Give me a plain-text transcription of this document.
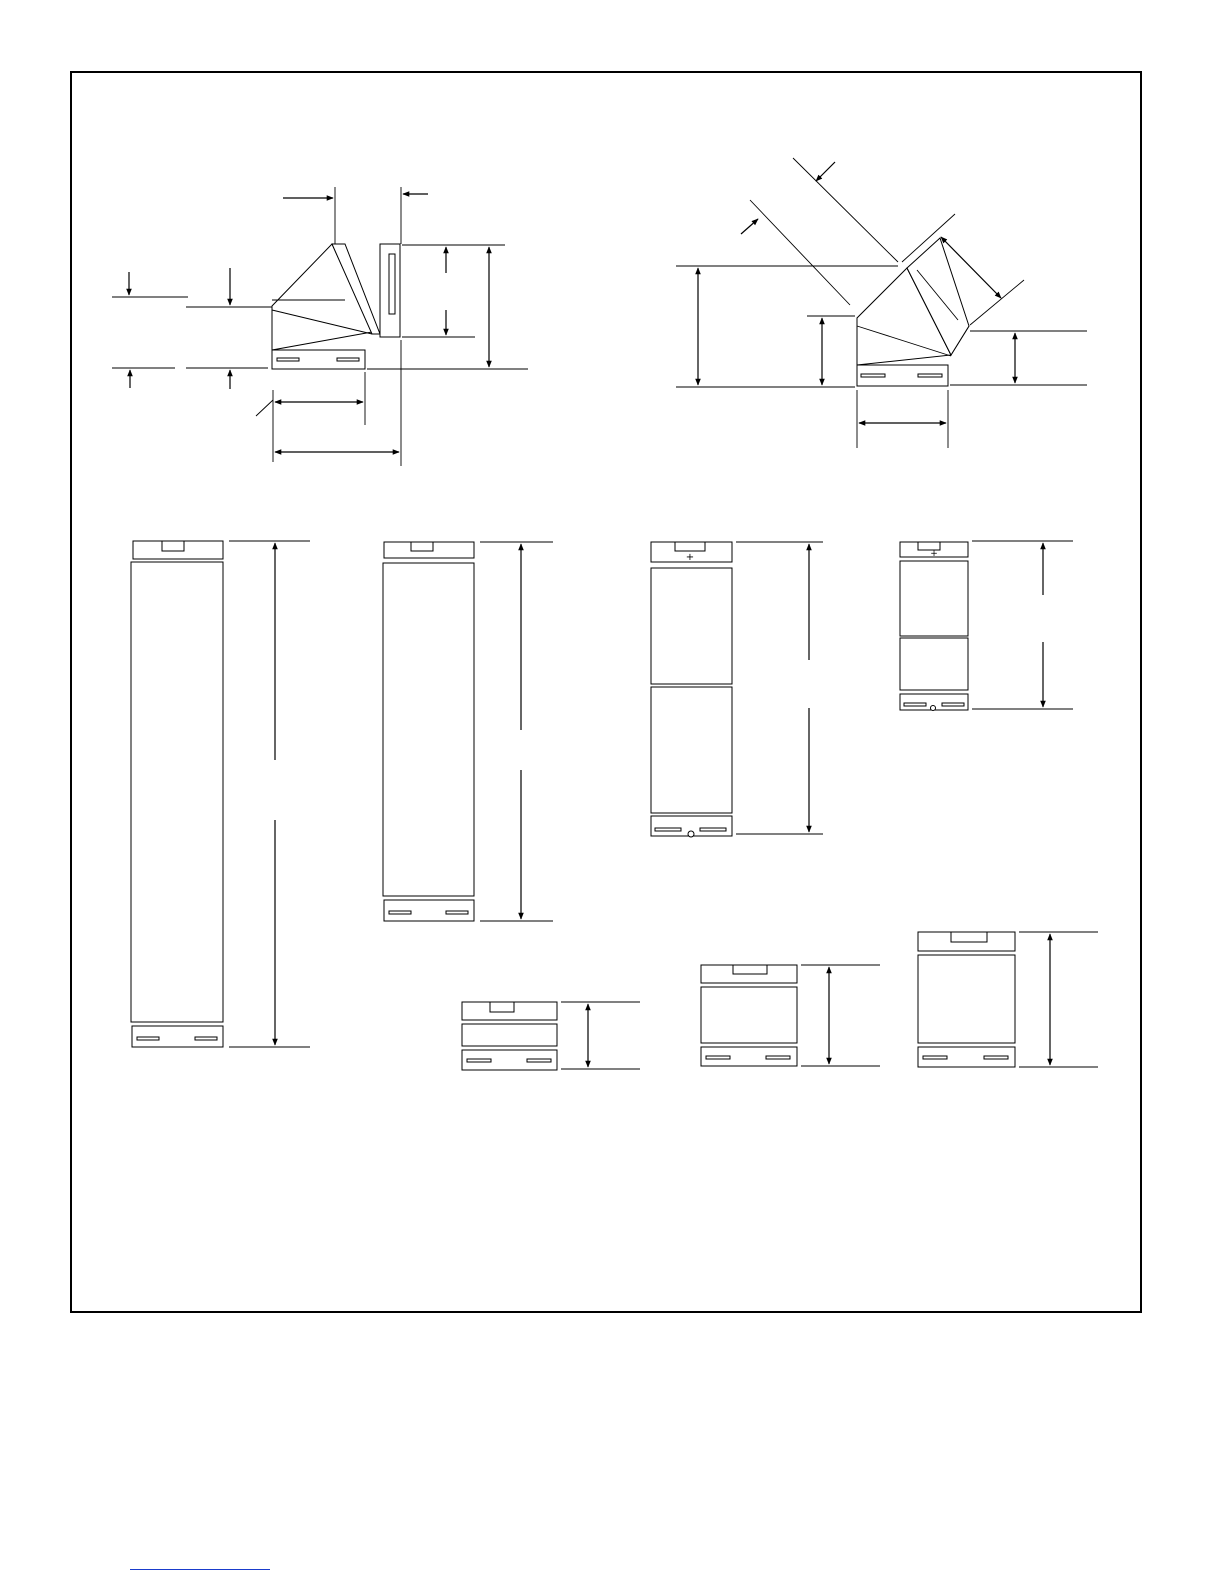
+	+
